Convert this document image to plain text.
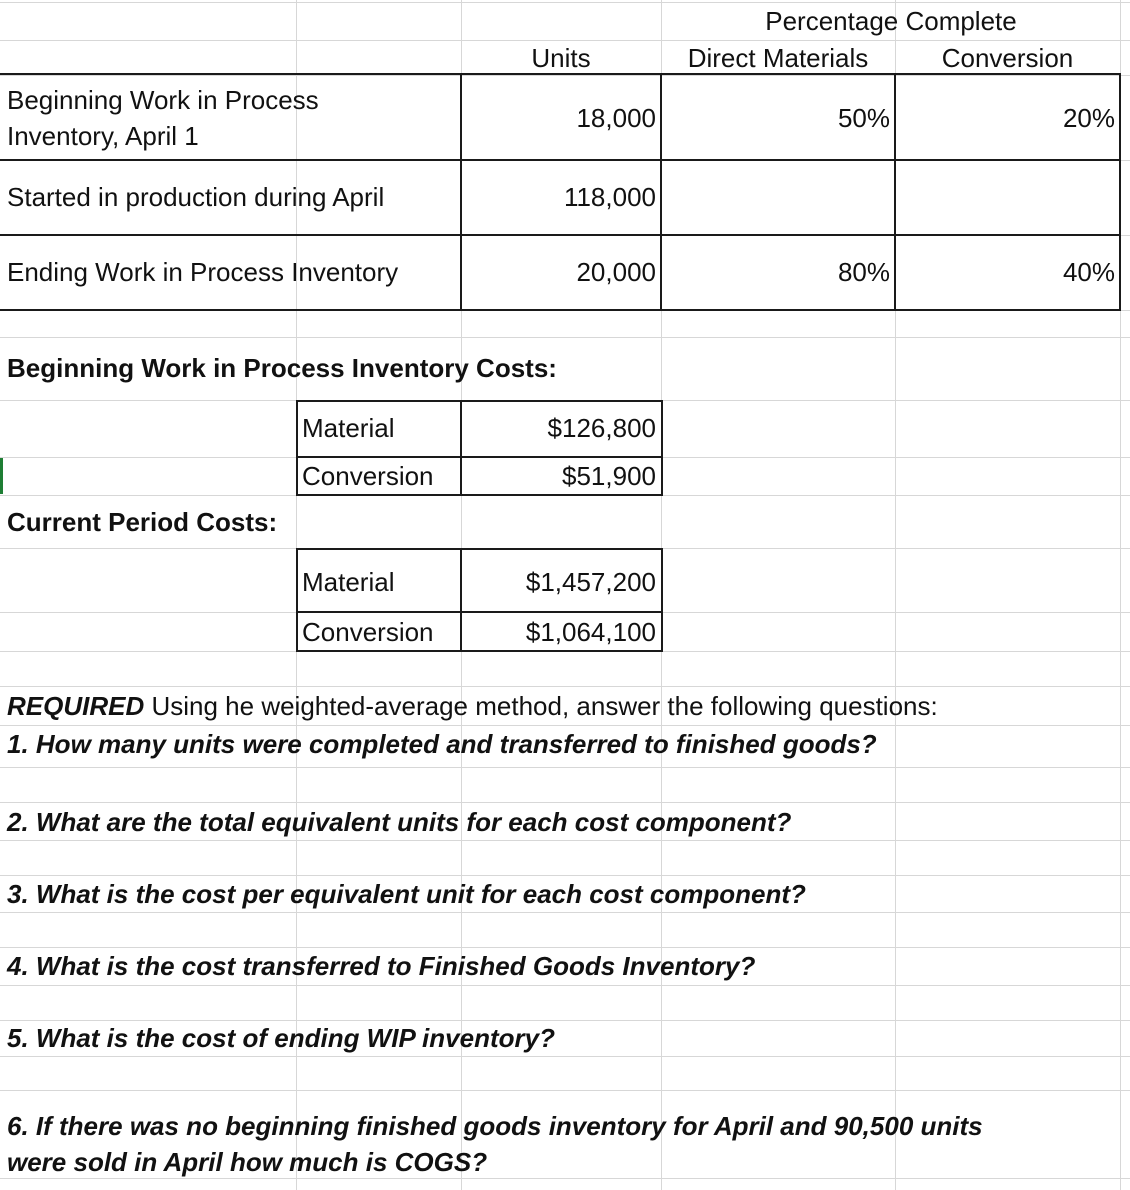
Percentage Complete
Units	Direct Materials	Conversion
Beginning Work in Process
Inventory, April 1
18,000	50%	20%
Started in production during April	118,000
Ending Work in Process Inventory	20,000	80%	40%
Beginning Work in Process Inventory Costs:
Material	$126,800
Conversion	$51,900
Current Period Costs:
Material	$1,457,200
Conversion	$1,064,100
REQUIRED Using he weighted-average method, answer the following questions:
1. How many units were completed and transferred to finished goods?
2. What are the total equivalent units for each cost component?
3. What is the cost per equivalent unit for each cost component?
4. What is the cost transferred to Finished Goods Inventory?
5. What is the cost of ending WIP inventory?
6. If there was no beginning finished goods inventory for April and 90,500 units
were sold in April how much is COGS?
